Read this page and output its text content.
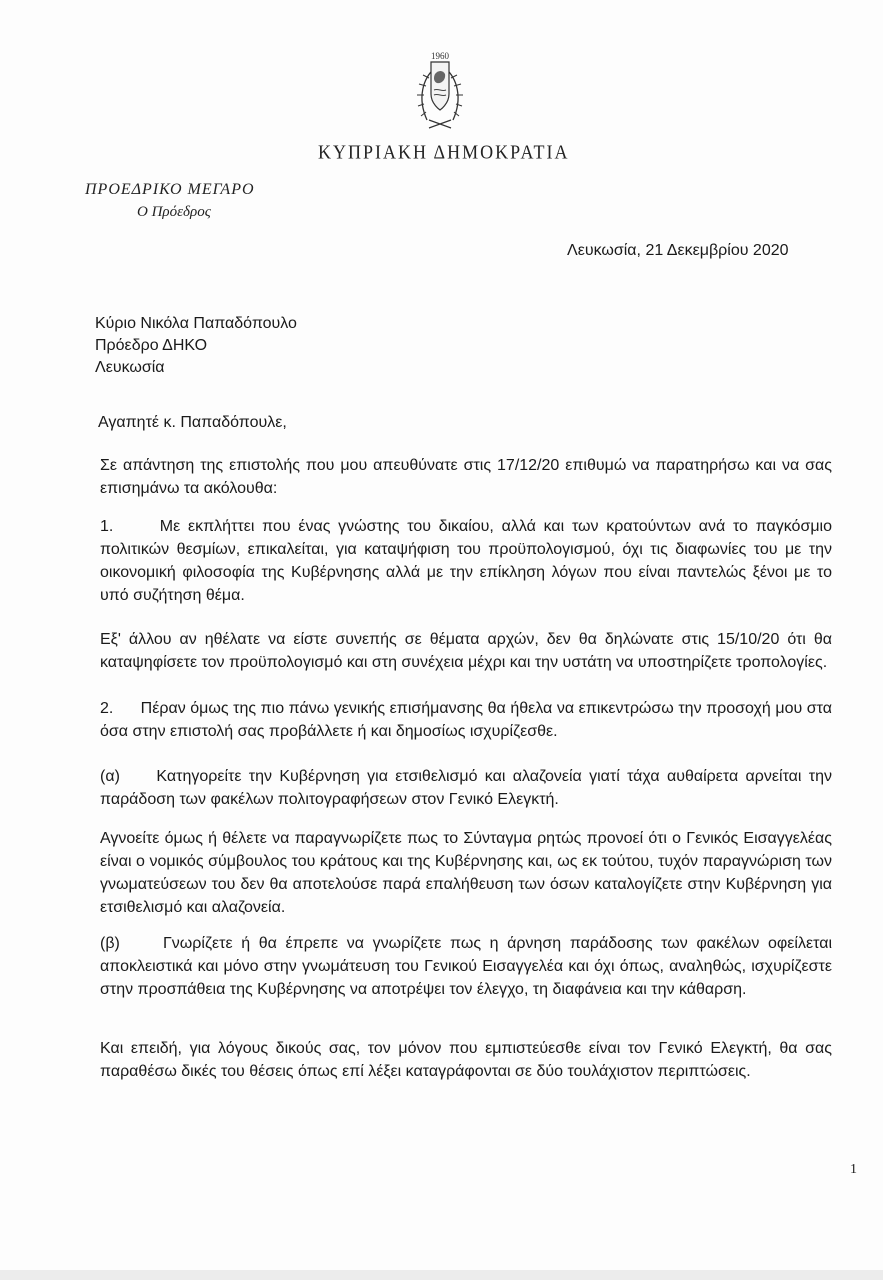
1960
ΚΥΠΡΙΑΚΗ ΔΗΜΟΚΡΑΤΙΑ
ΠΡΟΕΔΡΙΚΟ ΜΕΓΑΡΟ
Ο Πρόεδρος
Λευκωσία, 21 Δεκεμβρίου 2020
Κύριο Νικόλα Παπαδόπουλο
Πρόεδρο ΔΗΚΟ
Λευκωσία
Αγαπητέ κ. Παπαδόπουλε,
Σε απάντηση της επιστολής που μου απευθύνατε στις 17/12/20 επιθυμώ να παρατηρήσω και να σας επισημάνω τα ακόλουθα:
1.      Με εκπλήττει που ένας γνώστης του δικαίου, αλλά και των κρατούντων ανά το παγκόσμιο πολιτικών θεσμίων, επικαλείται, για καταψήφιση του προϋπολογισμού, όχι τις διαφωνίες του με την οικονομική φιλοσοφία της Κυβέρνησης αλλά με την επίκληση λόγων που είναι παντελώς ξένοι με το υπό συζήτηση θέμα.
Εξ' άλλου αν ηθέλατε να είστε συνεπής σε θέματα αρχών, δεν θα δηλώνατε στις 15/10/20 ότι θα καταψηφίσετε τον προϋπολογισμό και στη συνέχεια μέχρι και την υστάτη να υποστηρίζετε τροπολογίες.
2.      Πέραν όμως της πιο πάνω γενικής επισήμανσης θα ήθελα να επικεντρώσω την προσοχή μου στα όσα στην επιστολή σας προβάλλετε ή και δημοσίως ισχυρίζεσθε.
(α)     Κατηγορείτε την Κυβέρνηση για ετσιθελισμό και αλαζονεία γιατί τάχα αυθαίρετα αρνείται την παράδοση των φακέλων πολιτογραφήσεων στον Γενικό Ελεγκτή.
Αγνοείτε όμως ή θέλετε να παραγνωρίζετε πως το Σύνταγμα ρητώς προνοεί ότι ο Γενικός Εισαγγελέας είναι ο νομικός σύμβουλος του κράτους και της Κυβέρνησης και, ως εκ τούτου, τυχόν παραγνώριση των γνωματεύσεων του δεν θα αποτελούσε παρά επαλήθευση των όσων καταλογίζετε στην Κυβέρνηση για ετσιθελισμό και αλαζονεία.
(β)     Γνωρίζετε ή θα έπρεπε να γνωρίζετε πως η άρνηση παράδοσης των φακέλων οφείλεται αποκλειστικά και μόνο στην γνωμάτευση του Γενικού Εισαγγελέα και όχι όπως, αναληθώς, ισχυρίζεστε στην προσπάθεια της Κυβέρνησης να αποτρέψει τον έλεγχο, τη διαφάνεια και την κάθαρση.
Και επειδή, για λόγους δικούς σας, τον μόνον που εμπιστεύεσθε είναι τον Γενικό Ελεγκτή, θα σας παραθέσω δικές του θέσεις όπως επί λέξει καταγράφονται σε δύο τουλάχιστον περιπτώσεις.
1
